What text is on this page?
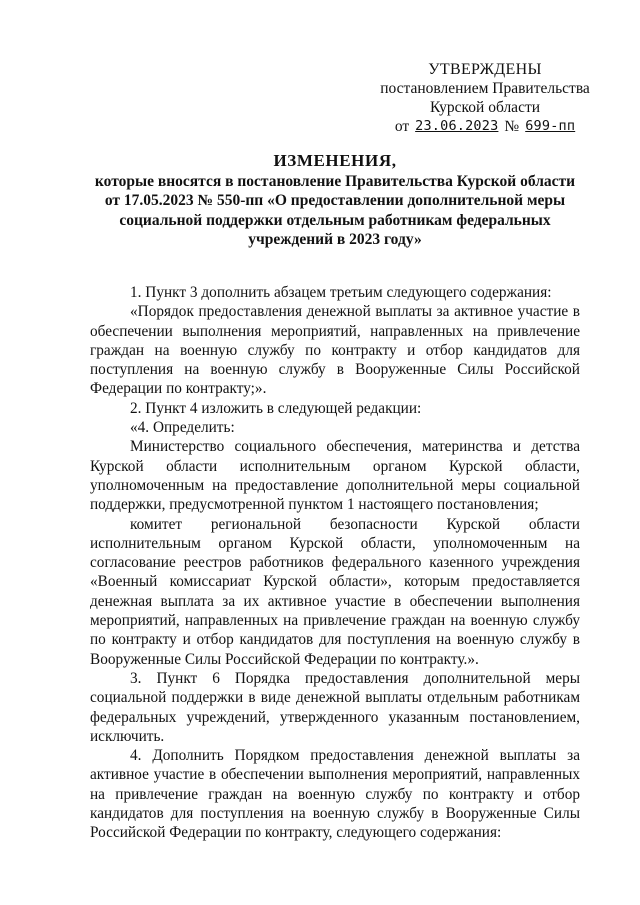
УТВЕРЖДЕНЫ
постановлением Правительства
Курской области
от 23.06.2023 № 699-пп
ИЗМЕНЕНИЯ,
которые вносятся в постановление Правительства Курской области от 17.05.2023 № 550-пп «О предоставлении дополнительной меры социальной поддержки отдельным работникам федеральных учреждений в 2023 году»

1. Пункт 3 дополнить абзацем третьим следующего содержания:

«Порядок предоставления денежной выплаты за активное участие в обеспечении выполнения мероприятий, направленных на привлечение граждан на военную службу по контракту и отбор кандидатов для поступления на военную службу в Вооруженные Силы Российской Федерации по контракту;».

2. Пункт 4 изложить в следующей редакции:

«4. Определить:

Министерство социального обеспечения, материнства и детства Курской области исполнительным органом Курской области, уполномоченным на предоставление дополнительной меры социальной поддержки, предусмотренной пунктом 1 настоящего постановления;

комитет региональной безопасности Курской области исполнительным органом Курской области, уполномоченным на согласование реестров работников федерального казенного учреждения «Военный комиссариат Курской области», которым предоставляется денежная выплата за их активное участие в обеспечении выполнения мероприятий, направленных на привлечение граждан на военную службу по контракту и отбор кандидатов для поступления на военную службу в Вооруженные Силы Российской Федерации по контракту.».

3. Пункт 6 Порядка предоставления дополнительной меры социальной поддержки в виде денежной выплаты отдельным работникам федеральных учреждений, утвержденного указанным постановлением, исключить.

4. Дополнить Порядком предоставления денежной выплаты за активное участие в обеспечении выполнения мероприятий, направленных на привлечение граждан на военную службу по контракту и отбор кандидатов для поступления на военную службу в Вооруженные Силы Российской Федерации по контракту, следующего содержания:
